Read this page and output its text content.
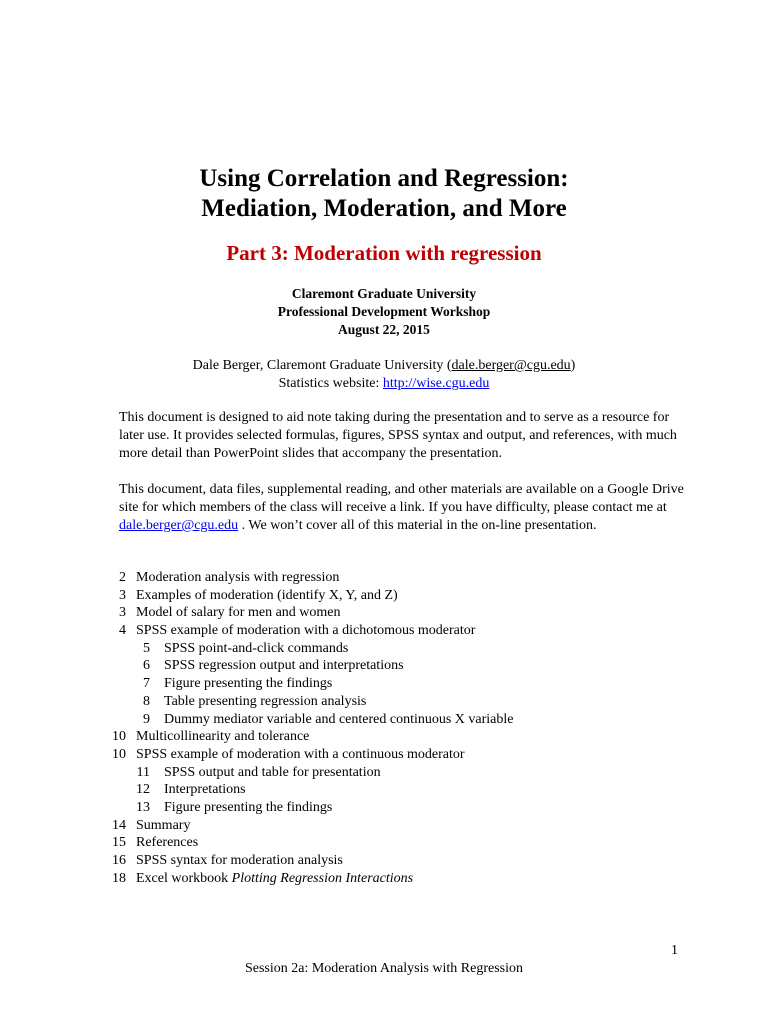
Using Correlation and Regression:
Mediation, Moderation, and More
Part 3: Moderation with regression
Claremont Graduate University
Professional Development Workshop
August 22, 2015
Dale Berger, Claremont Graduate University (dale.berger@cgu.edu)
Statistics website: http://wise.cgu.edu

This document is designed to aid note taking during the presentation and to serve as a resource for later use. It provides selected formulas, figures, SPSS syntax and output, and references, with much more detail than PowerPoint slides that accompany the presentation.

This document, data files, supplemental reading, and other materials are available on a Google Drive site for which members of the class will receive a link. If you have difficulty, please contact me at dale.berger@cgu.edu . We won’t cover all of this material in the on-line presentation.

2 Moderation analysis with regression
3 Examples of moderation (identify X, Y, and Z)
3 Model of salary for men and women
4 SPSS example of moderation with a dichotomous moderator
5 SPSS point-and-click commands
6 SPSS regression output and interpretations
7 Figure presenting the findings
8 Table presenting regression analysis
9 Dummy mediator variable and centered continuous X variable
10 Multicollinearity and tolerance
10 SPSS example of moderation with a continuous moderator
11 SPSS output and table for presentation
12 Interpretations
13 Figure presenting the findings
14 Summary
15 References
16 SPSS syntax for moderation analysis
18 Excel workbook Plotting Regression Interactions
1
Session 2a: Moderation Analysis with Regression
